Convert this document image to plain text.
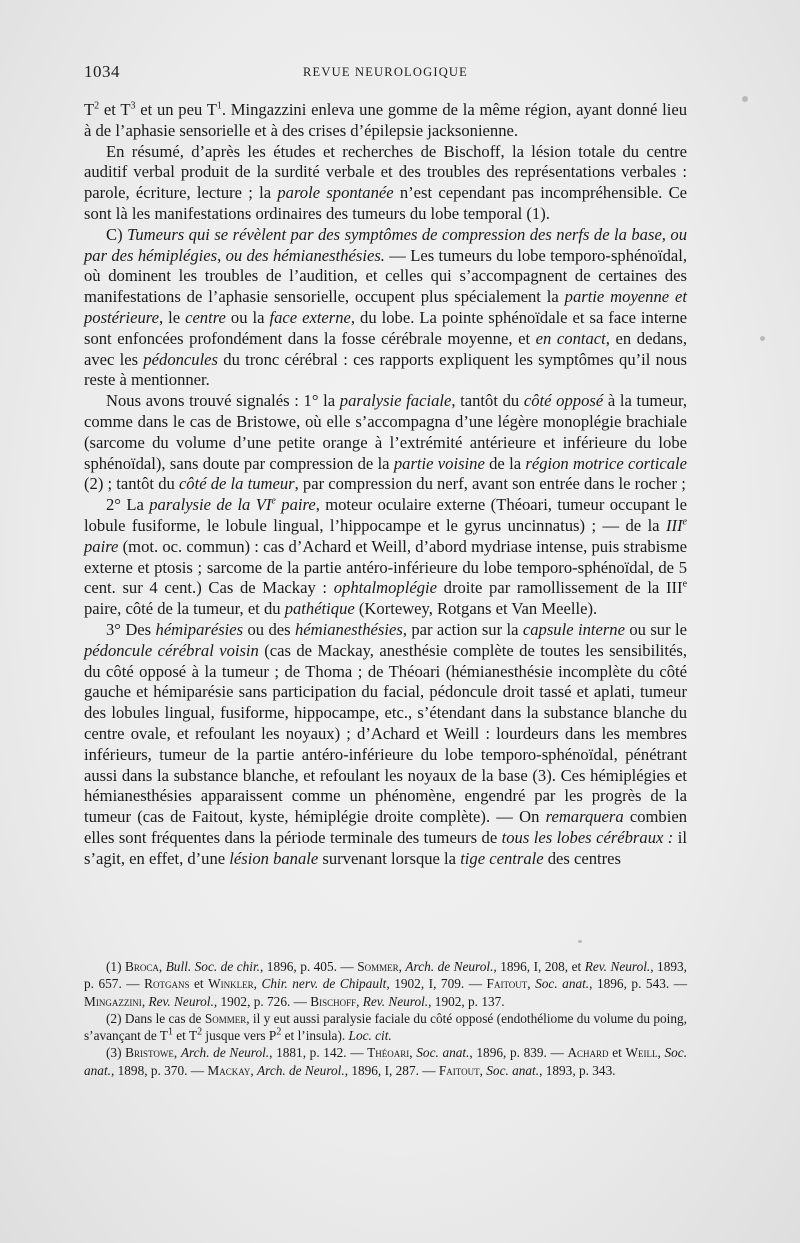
1034	REVUE NEUROLOGIQUE

$T^2$ et $T^3$ et un peu $T^1$. Mingazzini enleva une gomme de la même région, ayant donné lieu à de l’aphasie sensorielle et à des crises d’épilepsie jacksonienne.

En résumé, d’après les études et recherches de Bischoff, la lésion totale du centre auditif verbal produit de la surdité verbale et des troubles des représentations verbales : parole, écriture, lecture ; la parole spontanée n’est cependant pas incompréhensible. Ce sont là les manifestations ordinaires des tumeurs du lobe temporal (1).

C) Tumeurs qui se révèlent par des symptômes de compression des nerfs de la base, ou par des hémiplégies, ou des hémianesthésies. — Les tumeurs du lobe temporo-sphénoïdal, où dominent les troubles de l’audition, et celles qui s’accompagnent de certaines des manifestations de l’aphasie sensorielle, occupent plus spécialement la partie moyenne et postérieure, le centre ou la face externe, du lobe. La pointe sphénoïdale et sa face interne sont enfoncées profondément dans la fosse cérébrale moyenne, et en contact, en dedans, avec les pédoncules du tronc cérébral : ces rapports expliquent les symptômes qu’il nous reste à mentionner.

Nous avons trouvé signalés : 1° la paralysie faciale, tantôt du côté opposé à la tumeur, comme dans le cas de Bristowe, où elle s’accompagna d’une légère monoplégie brachiale (sarcome du volume d’une petite orange à l’extrémité antérieure et inférieure du lobe sphénoïdal), sans doute par compression de la partie voisine de la région motrice corticale (2) ; tantôt du côté de la tumeur, par compression du nerf, avant son entrée dans le rocher ;

2° La paralysie de la VIe paire, moteur oculaire externe (Théoari, tumeur occupant le lobule fusiforme, le lobule lingual, l’hippocampe et le gyrus uncinnatus) ; — de la IIIe paire (mot. oc. commun) : cas d’Achard et Weill, d’abord mydriase intense, puis strabisme externe et ptosis ; sarcome de la partie antéro-inférieure du lobe temporo-sphénoïdal, de 5 cent. sur 4 cent.) Cas de Mackay : ophtalmoplégie droite par ramollissement de la IIIe paire, côté de la tumeur, et du pathétique (Kortewey, Rotgans et Van Meelle).

3° Des hémiparésies ou des hémianesthésies, par action sur la capsule interne ou sur le pédoncule cérébral voisin (cas de Mackay, anesthésie complète de toutes les sensibilités, du côté opposé à la tumeur ; de Thoma ; de Théoari (hémianesthésie incomplète du côté gauche et hémiparésie sans participation du facial, pédoncule droit tassé et aplati, tumeur des lobules lingual, fusiforme, hippocampe, etc., s’étendant dans la substance blanche du centre ovale, et refoulant les noyaux) ; d’Achard et Weill : lourdeurs dans les membres inférieurs, tumeur de la partie antéro-inférieure du lobe temporo-sphénoïdal, pénétrant aussi dans la substance blanche, et refoulant les noyaux de la base (3). Ces hémiplégies et hémianesthésies apparaissent comme un phénomène, engendré par les progrès de la tumeur (cas de Faitout, kyste, hémiplégie droite complète). — On remarquera combien elles sont fréquentes dans la période terminale des tumeurs de tous les lobes cérébraux : il s’agit, en effet, d’une lésion banale survenant lorsque la tige centrale des centres

(1) Broca, Bull. Soc. de chir., 1896, p. 405. — Sommer, Arch. de Neurol., 1896, I, 208, et Rev. Neurol., 1893, p. 657. — Rotgans et Winkler, Chir. nerv. de Chipault, 1902, I, 709. — Faitout, Soc. anat., 1896, p. 543. — Mingazzini, Rev. Neurol., 1902, p. 726. — Bischoff, Rev. Neurol., 1902, p. 137.

(2) Dans le cas de Sommer, il y eut aussi paralysie faciale du côté opposé (endothéliome du volume du poing, s’avançant de $T^1$ et $T^2$ jusque vers $P^2$ et l’insula). Loc. cit.

(3) Bristowe, Arch. de Neurol., 1881, p. 142. — Théoari, Soc. anat., 1896, p. 839. — Achard et Weill, Soc. anat., 1898, p. 370. — Mackay, Arch. de Neurol., 1896, I, 287. — Faitout, Soc. anat., 1893, p. 343.
